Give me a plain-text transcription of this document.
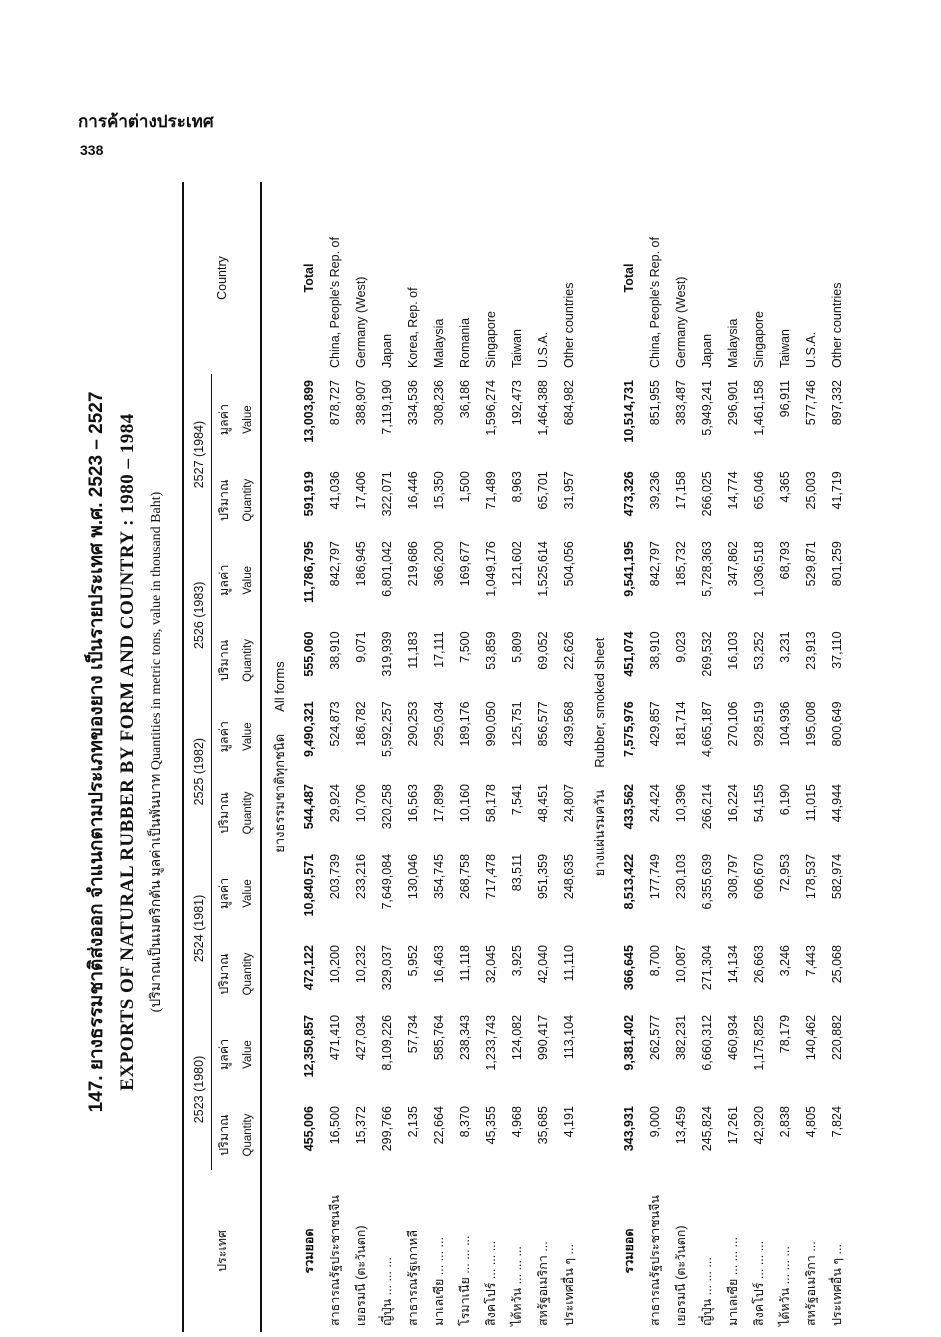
การค้าต่างประเทศ
338
147. ยางธรรมชาติส่งออก จำแนกตามประเภทของยาง เป็นรายประเทศ พ.ศ. 2523 – 2527 EXPORTS OF NATURAL RUBBER BY FORM AND COUNTRY : 1980 – 1984 (ปริมาณเป็นเมตริกตัน มูลค่าเป็นพันบาท Quantities in metric tons, value in thousand Baht)

ประเทศ	2523 (1980)		2524 (1981)		2525 (1982)		2526 (1983)		2527 (1984)		Country
	ปริมาณ	มูลค่า	ปริมาณ	มูลค่า	ปริมาณ	มูลค่า	ปริมาณ	มูลค่า	ปริมาณ	มูลค่า	
	Quantity	Value	Quantity	Value	Quantity	Value	Quantity	Value	Quantity	Value	
ยางธรรมชาติทุกชนิดAll forms											
รวมยอด	455,006	12,350,857	472,122	10,840,571	544,487	9,490,321	555,060	11,786,795	591,919	13,003,899	Total
สาธารณรัฐประชาชนจีน	16,500	471,410	10,200	203,739	29,924	524,873	38,910	842,797	41,036	878,727	China, People's Rep. of
เยอรมนี (ตะวันตก)	15,372	427,034	10,232	233,216	10,706	186,782	9,071	186,945	17,406	388,907	Germany (West)
ญี่ปุ่น ... ... ...	299,766	8,109,226	329,037	7,649,084	320,258	5,592,257	319,939	6,801,042	322,071	7,119,190	Japan
สาธารณรัฐเกาหลี	2,135	57,734	5,952	130,046	16,563	290,253	11,183	219,686	16,446	334,536	Korea, Rep. of
มาเลเซีย ... ... ...	22,664	585,764	16,463	354,745	17,899	295,034	17,111	366,200	15,350	308,236	Malaysia
โรมาเนีย ... ... ...	8,370	238,343	11,118	268,758	10,160	189,176	7,500	169,677	1,500	36,186	Romania
สิงคโปร์ ... ... ...	45,355	1,233,743	32,045	717,478	58,178	990,050	53,859	1,049,176	71,489	1,596,274	Singapore
ไต้หวัน ... ... ...	4,968	124,082	3,925	83,511	7,541	125,751	5,809	121,602	8,963	192,473	Taiwan
สหรัฐอเมริกา ...	35,685	990,417	42,040	951,359	48,451	856,577	69,052	1,525,614	65,701	1,464,388	U.S.A.
ประเทศอื่น ๆ ...	4,191	113,104	11,110	248,635	24,807	439,568	22,626	504,056	31,957	684,982	Other countries
ยางแผ่นรมควันRubber, smoked sheet											
รวมยอด	343,931	9,381,402	366,645	8,513,422	433,562	7,575,976	451,074	9,541,195	473,326	10,514,731	Total
สาธารณรัฐประชาชนจีน	9,000	262,577	8,700	177,749	24,424	429,857	38,910	842,797	39,236	851,955	China, People's Rep. of
เยอรมนี (ตะวันตก)	13,459	382,231	10,087	230,103	10,396	181,714	9,023	185,732	17,158	383,487	Germany (West)
ญี่ปุ่น ... ... ...	245,824	6,660,312	271,304	6,355,639	266,214	4,665,187	269,532	5,728,363	266,025	5,949,241	Japan
มาเลเซีย ... ... ...	17,261	460,934	14,134	308,797	16,224	270,106	16,103	347,862	14,774	296,901	Malaysia
สิงคโปร์ ... ... ...	42,920	1,175,825	26,663	606,670	54,155	928,519	53,252	1,036,518	65,046	1,461,158	Singapore
ไต้หวัน ... ... ...	2,838	78,179	3,246	72,953	6,190	104,936	3,231	68,793	4,365	96,911	Taiwan
สหรัฐอเมริกา ...	4,805	140,462	7,443	178,537	11,015	195,008	23,913	529,871	25,003	577,746	U.S.A.
ประเทศอื่น ๆ ...	7,824	220,882	25,068	582,974	44,944	800,649	37,110	801,259	41,719	897,332	Other countries
